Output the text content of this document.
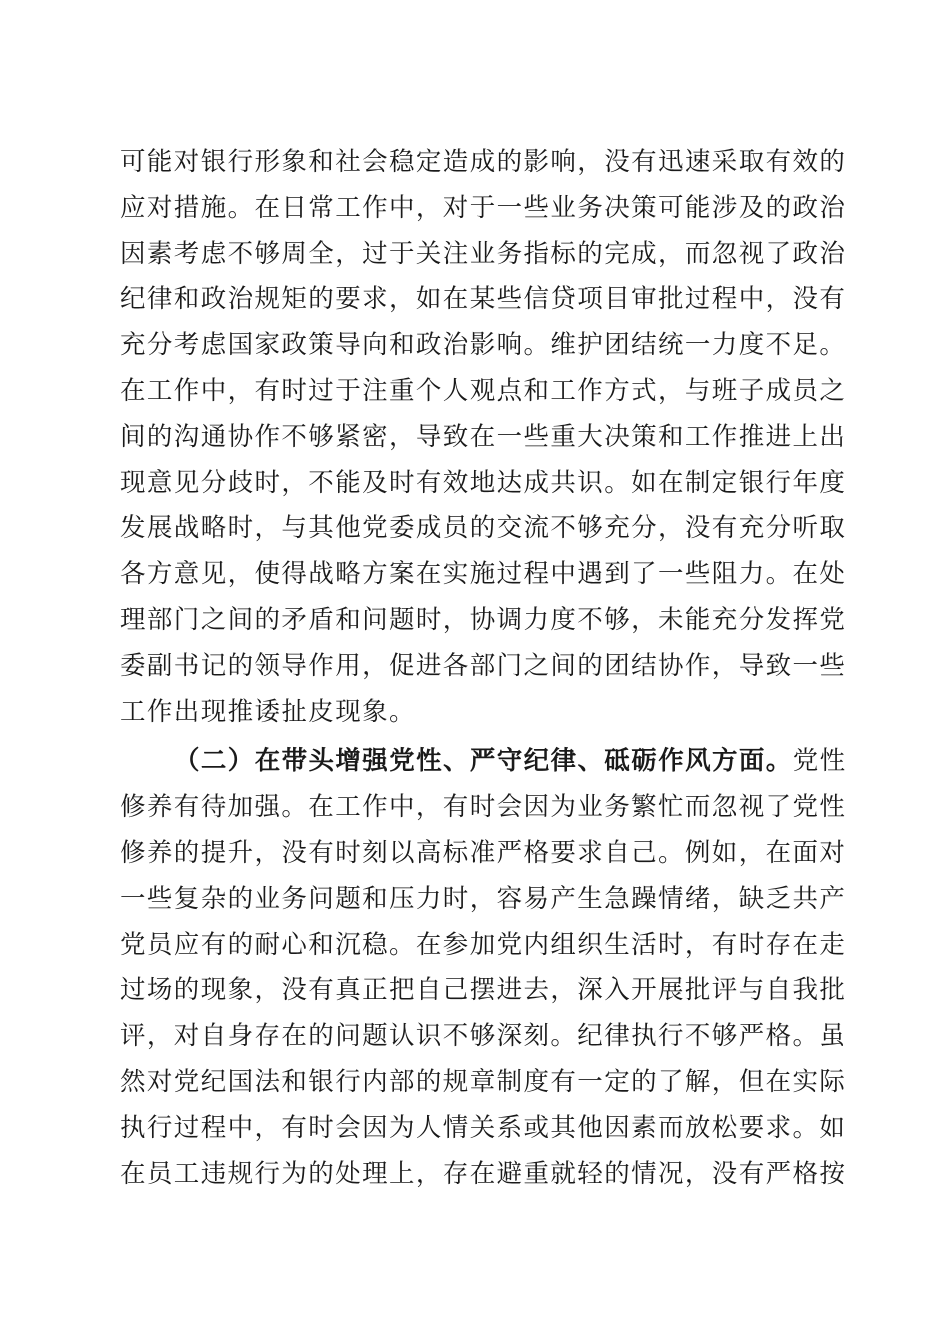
可能对银行形象和社会稳定造成的影响，没有迅速采取有效的
应对措施。在日常工作中，对于一些业务决策可能涉及的政治
因素考虑不够周全，过于关注业务指标的完成，而忽视了政治
纪律和政治规矩的要求，如在某些信贷项目审批过程中，没有
充分考虑国家政策导向和政治影响。维护团结统一力度不足。
在工作中，有时过于注重个人观点和工作方式，与班子成员之
间的沟通协作不够紧密，导致在一些重大决策和工作推进上出
现意见分歧时，不能及时有效地达成共识。如在制定银行年度
发展战略时，与其他党委成员的交流不够充分，没有充分听取
各方意见，使得战略方案在实施过程中遇到了一些阻力。在处
理部门之间的矛盾和问题时，协调力度不够，未能充分发挥党
委副书记的领导作用，促进各部门之间的团结协作，导致一些
工作出现推诿扯皮现象。
（二）在带头增强党性、严守纪律、砥砺作风方面。党性
修养有待加强。在工作中，有时会因为业务繁忙而忽视了党性
修养的提升，没有时刻以高标准严格要求自己。例如，在面对
一些复杂的业务问题和压力时，容易产生急躁情绪，缺乏共产
党员应有的耐心和沉稳。在参加党内组织生活时，有时存在走
过场的现象，没有真正把自己摆进去，深入开展批评与自我批
评，对自身存在的问题认识不够深刻。纪律执行不够严格。虽
然对党纪国法和银行内部的规章制度有一定的了解，但在实际
执行过程中，有时会因为人情关系或其他因素而放松要求。如
在员工违规行为的处理上，存在避重就轻的情况，没有严格按
